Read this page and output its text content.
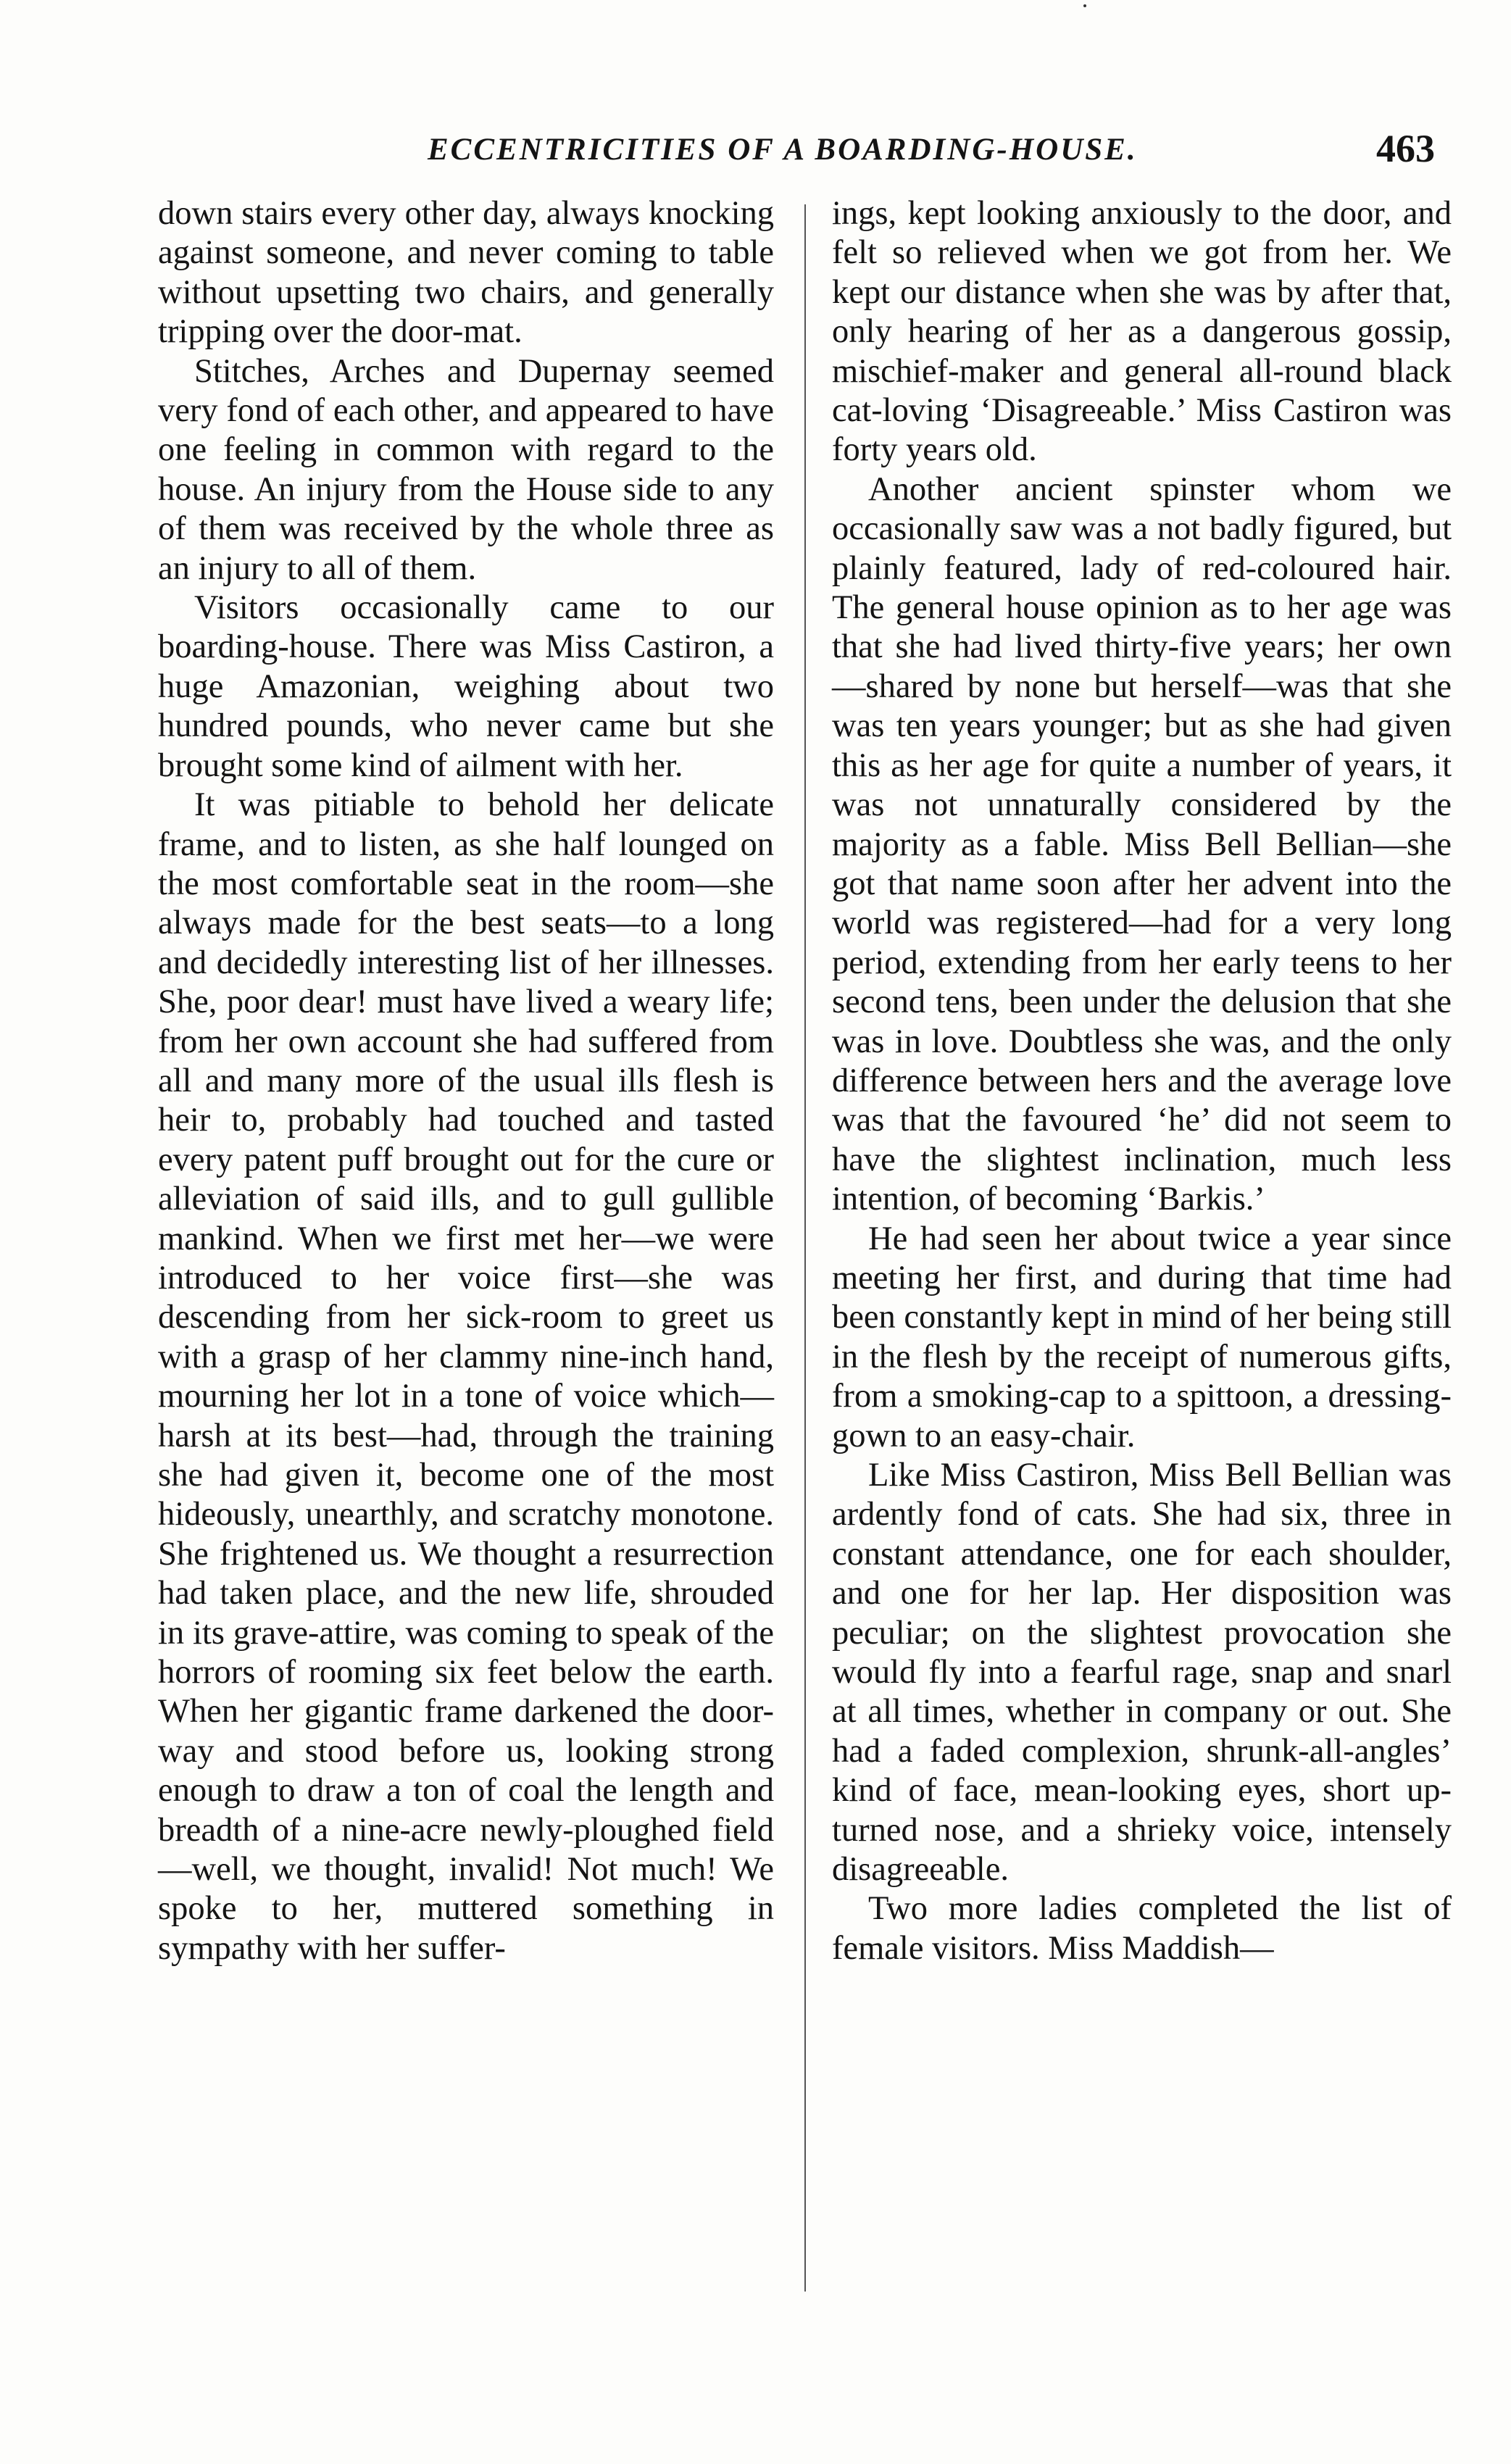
ECCENTRICITIES OF A BOARDING-HOUSE.	463

down stairs every other day, always knocking against someone, and never coming to table without upsetting two chairs, and generally tripping over the door-mat.

Stitches, Arches and Dupernay seemed very fond of each other, and appeared to have one feeling in common with regard to the house. An injury from the House side to any of them was received by the whole three as an injury to all of them.

Visitors occasionally came to our boarding-house. There was Miss Castiron, a huge Amazonian, weighing about two hundred pounds, who never came but she brought some kind of ailment with her.

It was pitiable to behold her delicate frame, and to listen, as she half lounged on the most comfortable seat in the room—she always made for the best seats—to a long and decidedly interesting list of her illnesses. She, poor dear! must have lived a weary life; from her own account she had suffered from all and many more of the usual ills flesh is heir to, probably had touched and tasted every patent puff brought out for the cure or alleviation of said ills, and to gull gullible mankind. When we first met her—we were introduced to her voice first—she was descending from her sick-room to greet us with a grasp of her clammy nine-inch hand, mourning her lot in a tone of voice which—harsh at its best—had, through the training she had given it, become one of the most hideously, unearthly, and scratchy monotone. She frightened us. We thought a resurrection had taken place, and the new life, shrouded in its grave-attire, was coming to speak of the horrors of rooming six feet below the earth. When her gigantic frame darkened the door-way and stood before us, looking strong enough to draw a ton of coal the length and breadth of a nine-acre newly-ploughed field—well, we thought, invalid! Not much! We spoke to her, muttered something in sympathy with her suffer-

ings, kept looking anxiously to the door, and felt so relieved when we got from her. We kept our distance when she was by after that, only hearing of her as a dangerous gossip, mischief-maker and general all-round black cat-loving ‘Disagreeable.’ Miss Castiron was forty years old.

Another ancient spinster whom we occasionally saw was a not badly figured, but plainly featured, lady of red-coloured hair. The general house opinion as to her age was that she had lived thirty-five years; her own—shared by none but herself—was that she was ten years younger; but as she had given this as her age for quite a number of years, it was not unnaturally considered by the majority as a fable. Miss Bell Bellian—she got that name soon after her advent into the world was registered—had for a very long period, extending from her early teens to her second tens, been under the delusion that she was in love. Doubtless she was, and the only difference between hers and the average love was that the favoured ‘he’ did not seem to have the slightest inclination, much less intention, of becoming ‘Barkis.’

He had seen her about twice a year since meeting her first, and during that time had been constantly kept in mind of her being still in the flesh by the receipt of numerous gifts, from a smoking-cap to a spittoon, a dressing-gown to an easy-chair.

Like Miss Castiron, Miss Bell Bellian was ardently fond of cats. She had six, three in constant attendance, one for each shoulder, and one for her lap. Her disposition was peculiar; on the slightest provocation she would fly into a fearful rage, snap and snarl at all times, whether in company or out. She had a faded complexion, shrunk-all-angles’ kind of face, mean-looking eyes, short up-turned nose, and a shrieky voice, intensely disagreeable.

Two more ladies completed the list of female visitors. Miss Maddish—
